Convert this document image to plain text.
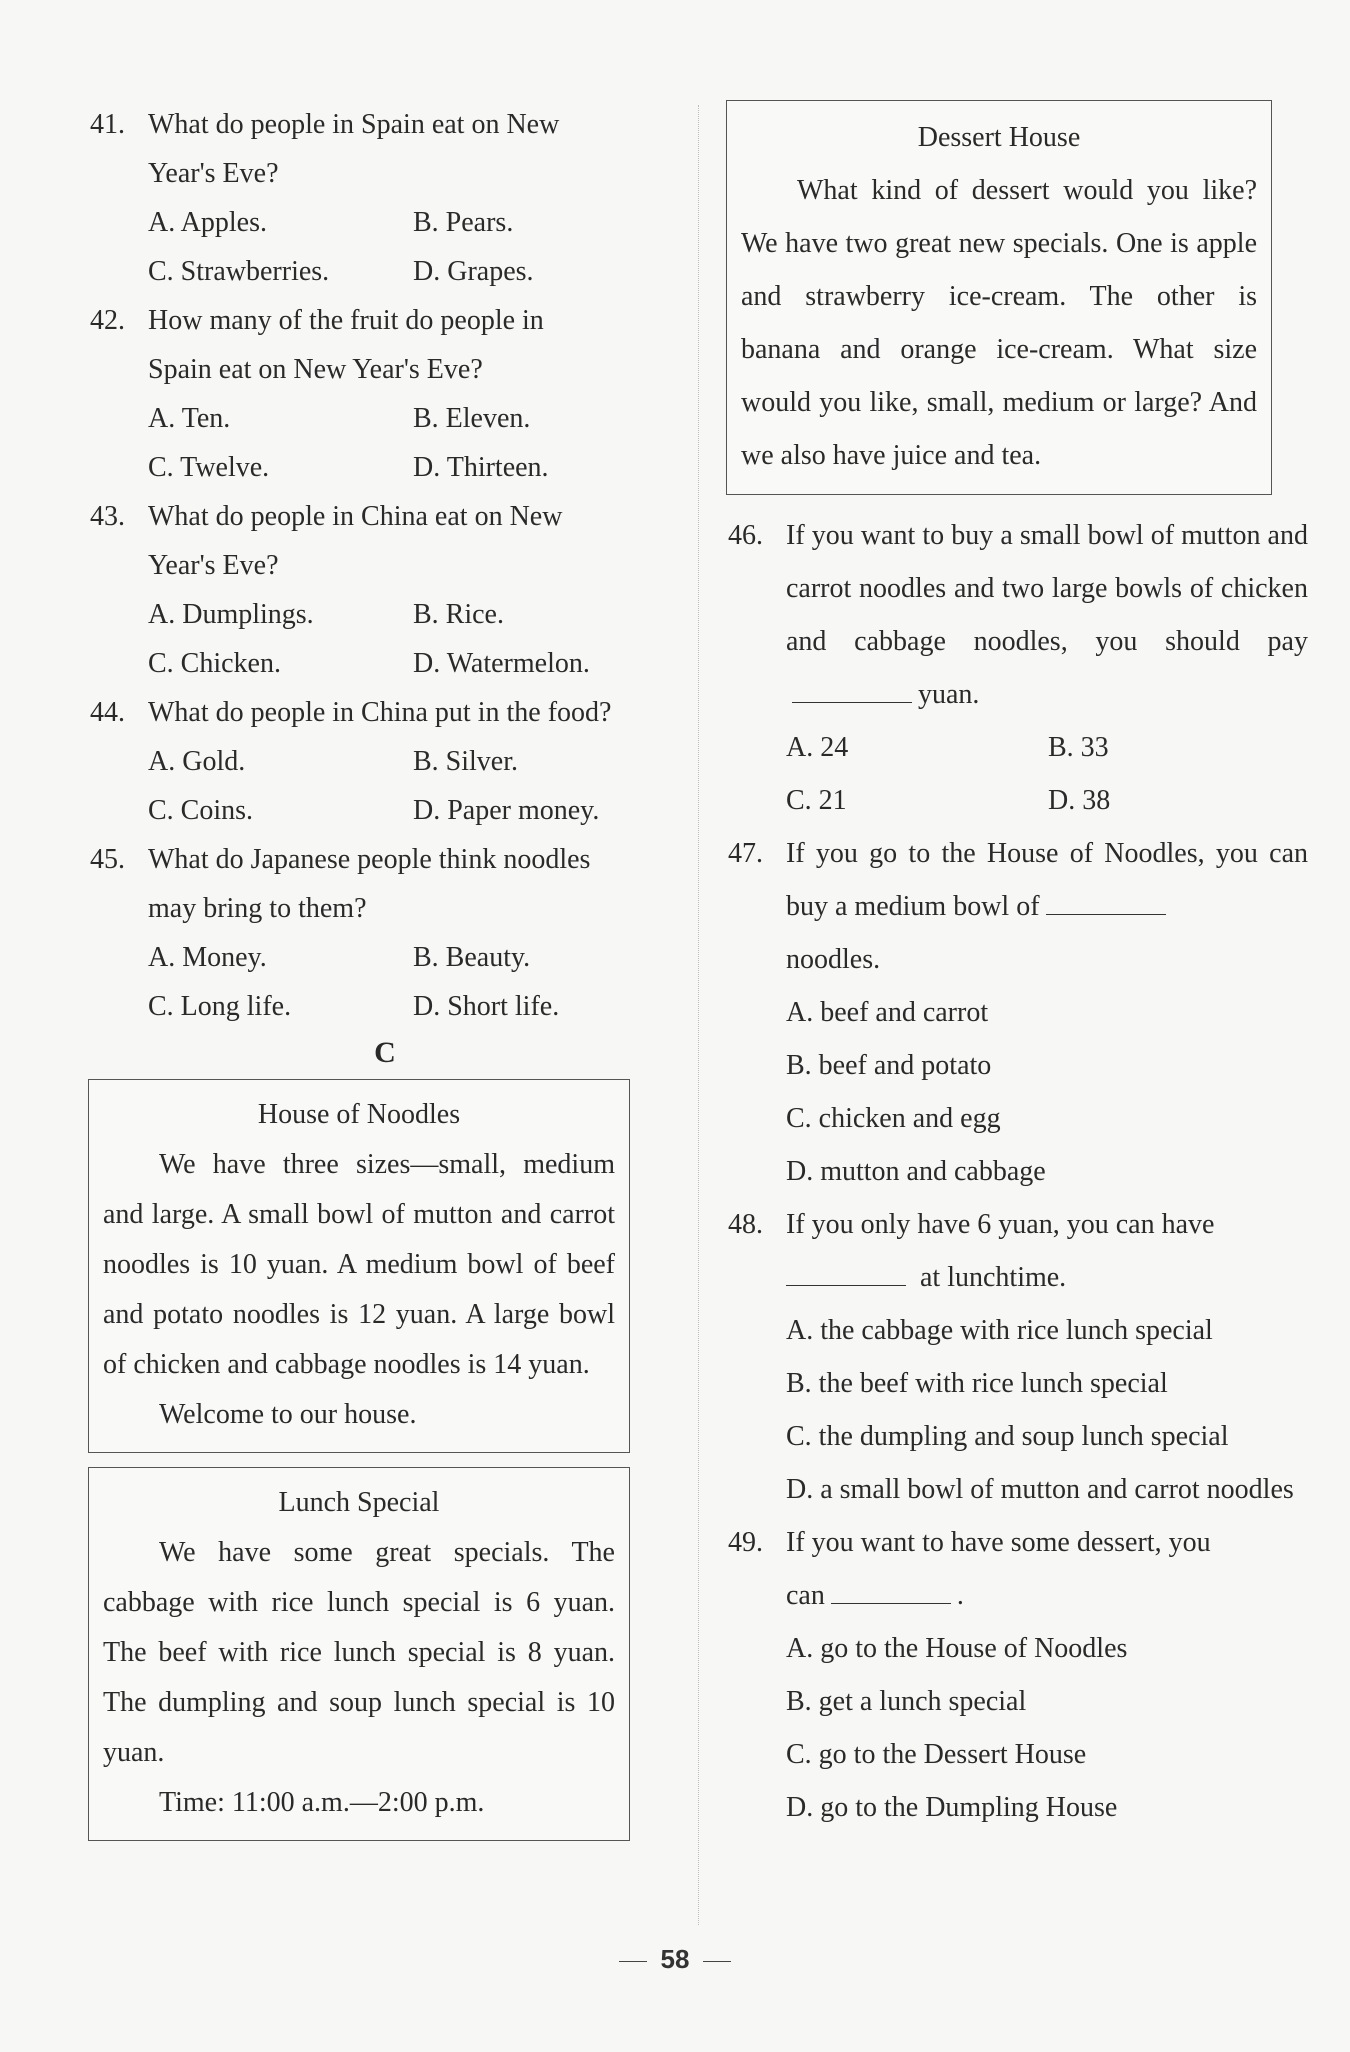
41. What do people in Spain eat on New
Year's Eve?
A. Apples.	B. Pears.
C. Strawberries.	D. Grapes.
42. How many of the fruit do people in
Spain eat on New Year's Eve?
A. Ten.	B. Eleven.
C. Twelve.	D. Thirteen.
43. What do people in China eat on New
Year's Eve?
A. Dumplings.	B. Rice.
C. Chicken.	D. Watermelon.
44. What do people in China put in the food?
A. Gold.	B. Silver.
C. Coins.	D. Paper money.
45. What do Japanese people think noodles
may bring to them?
A. Money.	B. Beauty.
C. Long life.	D. Short life.
C
House of Noodles
We have three sizes—small, medium and large. A small bowl of mutton and carrot noodles is 10 yuan. A medium bowl of beef and potato noodles is 12 yuan. A large bowl of chicken and cabbage noodles is 14 yuan.
Welcome to our house.
Lunch Special
We have some great specials. The cabbage with rice lunch special is 6 yuan. The beef with rice lunch special is 8 yuan. The dumpling and soup lunch special is 10 yuan.
Time: 11:00 a.m.—2:00 p.m.
Dessert House
What kind of dessert would you like? We have two great new specials. One is apple and strawberry ice-cream. The other is banana and orange ice-cream. What size would you like, small, medium or large? And we also have juice and tea.
46. If you want to buy a small bowl of mutton and carrot noodles and two large bowls of chicken and cabbage noodles, you should payyuan.
A. 24	B. 33
C. 21	D. 38
47. If you go to the House of Noodles, you can buy a medium bowl of
noodles.
A. beef and carrot
B. beef and potato
C. chicken and egg
D. mutton and cabbage
48. If you only have 6 yuan, you can have
at lunchtime.
A. the cabbage with rice lunch special
B. the beef with rice lunch special
C. the dumpling and soup lunch special
D. a small bowl of mutton and carrot noodles
49. If you want to have some dessert, you
can	.
A. go to the House of Noodles
B. get a lunch special
C. go to the Dessert House
D. go to the Dumpling House
58
